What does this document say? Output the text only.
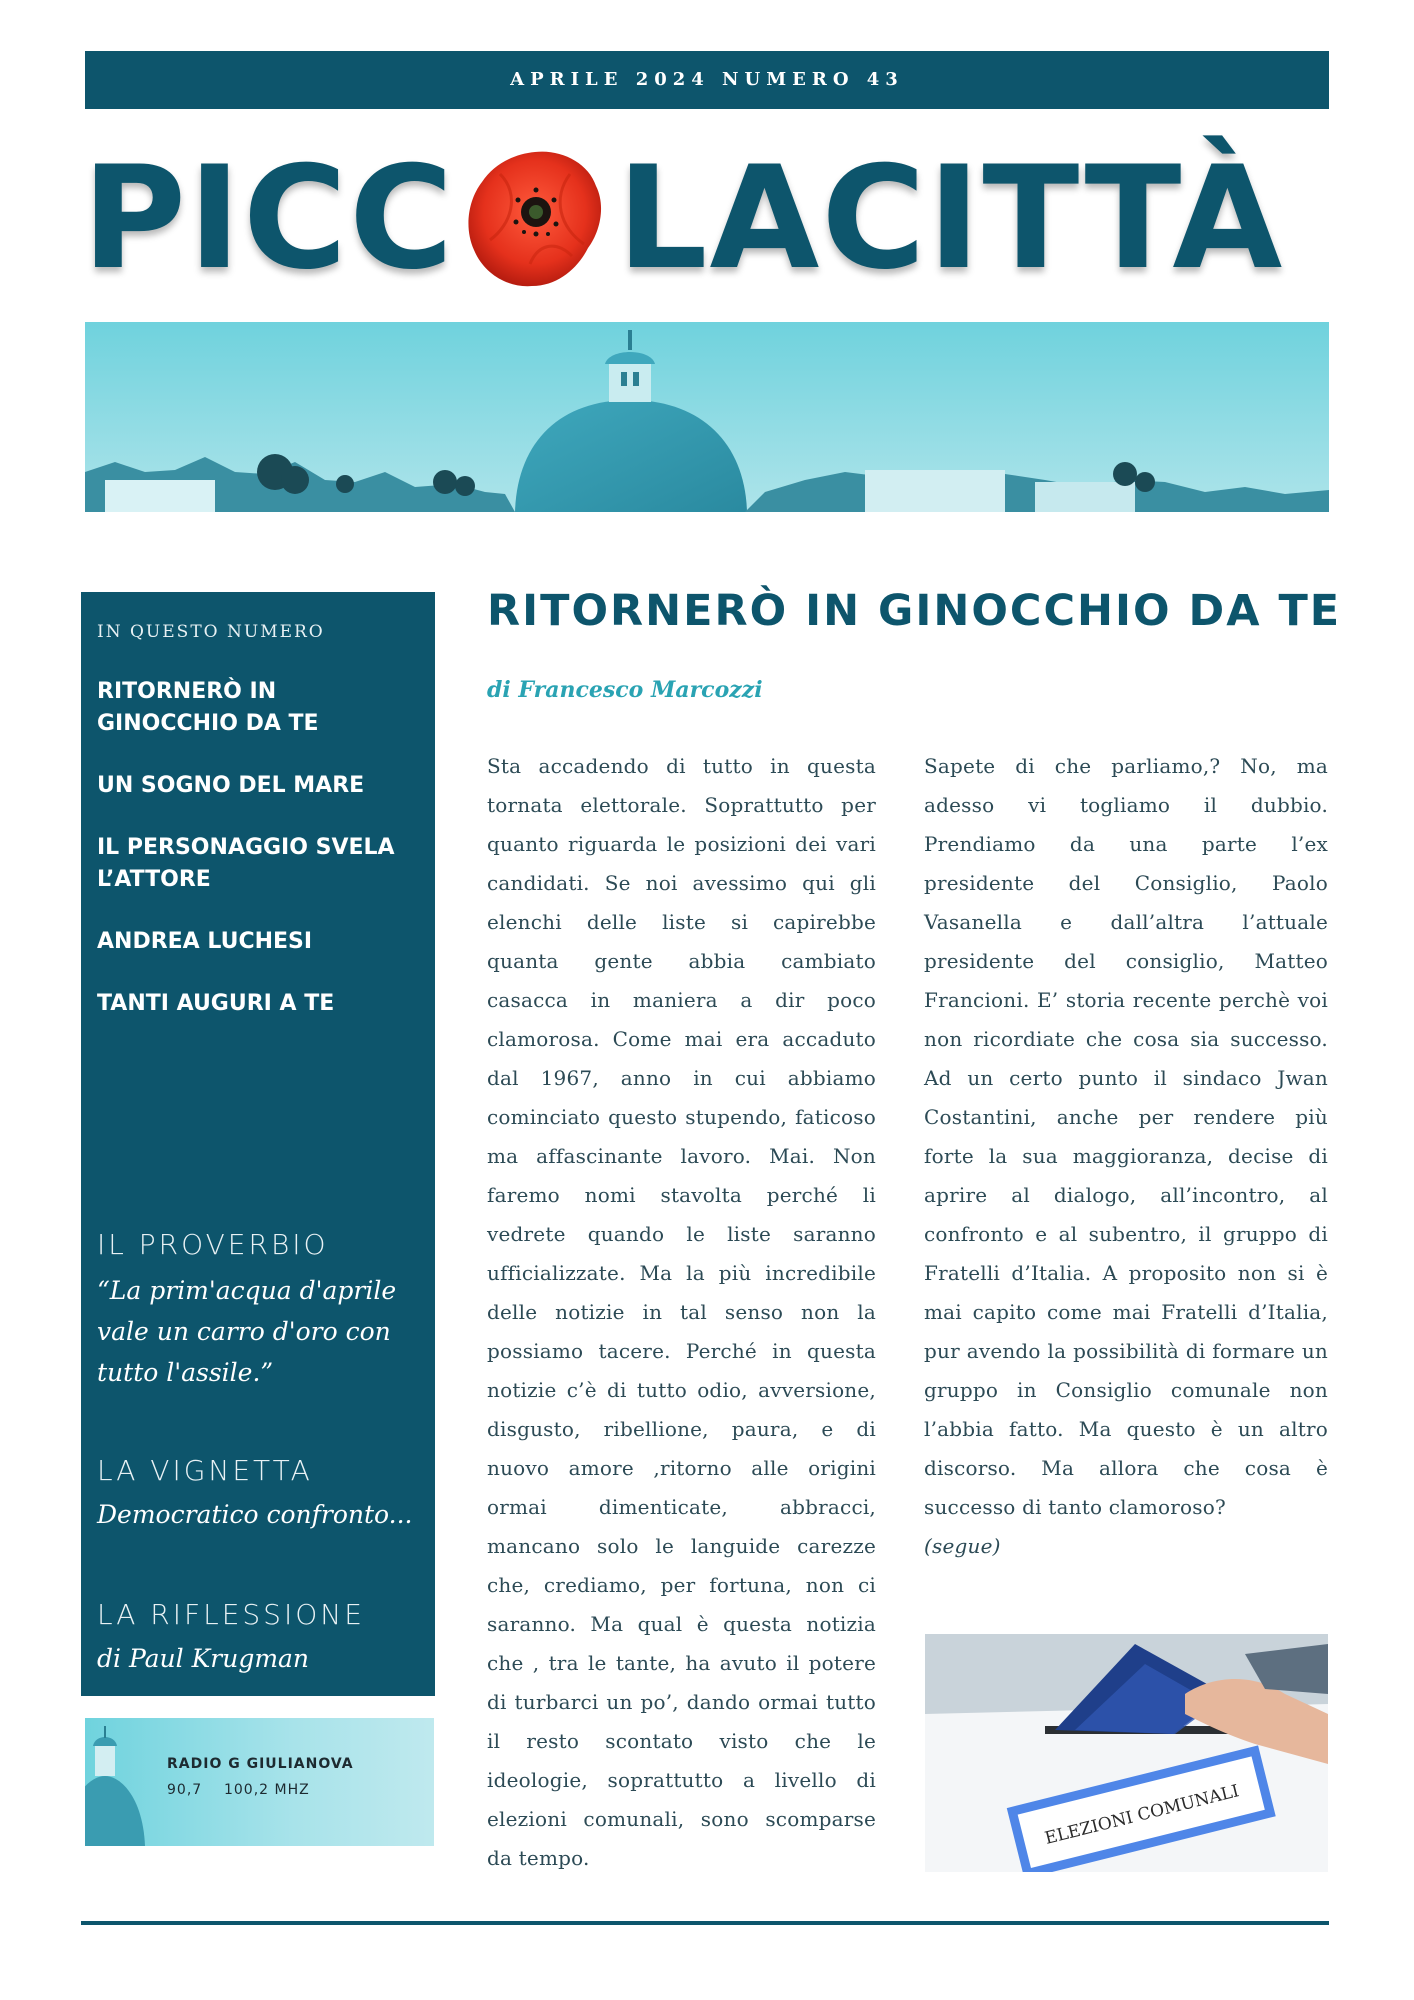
APRILE 2024 NUMERO 43
PICC LACITTÀ
IN QUESTO NUMERO
RITORNERÒ IN GINOCCHIO DA TE
UN SOGNO DEL MARE
IL PERSONAGGIO SVELA L’ATTORE
ANDREA LUCHESI
TANTI AUGURI A TE
IL PROVERBIO
“La prim'acqua d'aprile vale un carro d'oro con tutto l'assile.”
LA VIGNETTA
Democratico confronto...
LA RIFLESSIONE
di Paul Krugman
RADIO G GIULIANOVA
90,7    100,2 MHZ
RITORNERÒ IN GINOCCHIO DA TE
di Francesco Marcozzi
Sta accadendo di tutto in questa tornata elettorale. Soprattutto per quanto riguarda le posizioni dei vari candidati. Se noi avessimo qui gli elenchi delle liste si capirebbe quanta gente abbia cambiato casacca in maniera a dir poco clamorosa. Come mai era accaduto dal 1967, anno in cui abbiamo cominciato questo stupendo, faticoso ma affascinante lavoro. Mai. Non faremo nomi stavolta perché li vedrete quando le liste saranno ufficializzate. Ma la più incredibile delle notizie in tal senso non la possiamo tacere. Perché in questa notizie c’è di tutto odio, avversione, disgusto, ribellione, paura, e di nuovo amore ,ritorno alle origini ormai dimenticate, abbracci, mancano solo le languide carezze che, crediamo, per fortuna, non ci saranno. Ma qual è questa notizia che , tra le tante, ha avuto il potere di turbarci un po’, dando ormai tutto il resto scontato visto che le ideologie, soprattutto a livello di elezioni comunali, sono scomparse da tempo.
Sapete di che parliamo,? No, ma adesso vi togliamo il dubbio. Prendiamo da una parte l’ex presidente del Consiglio, Paolo Vasanella e dall’altra l’attuale presidente del consiglio, Matteo Francioni. E’ storia recente perchè voi non ricordiate che cosa sia successo. Ad un certo punto il sindaco Jwan Costantini, anche per rendere più forte la sua maggioranza, decise di aprire al dialogo, all’incontro, al confronto e al subentro, il gruppo di Fratelli d’Italia. A proposito non si è mai capito come mai Fratelli d’Italia, pur avendo la possibilità di formare un gruppo in Consiglio comunale non l’abbia fatto. Ma questo è un altro discorso. Ma allora che cosa è successo di tanto clamoroso?
(segue)
ELEZIONI COMUNALI
